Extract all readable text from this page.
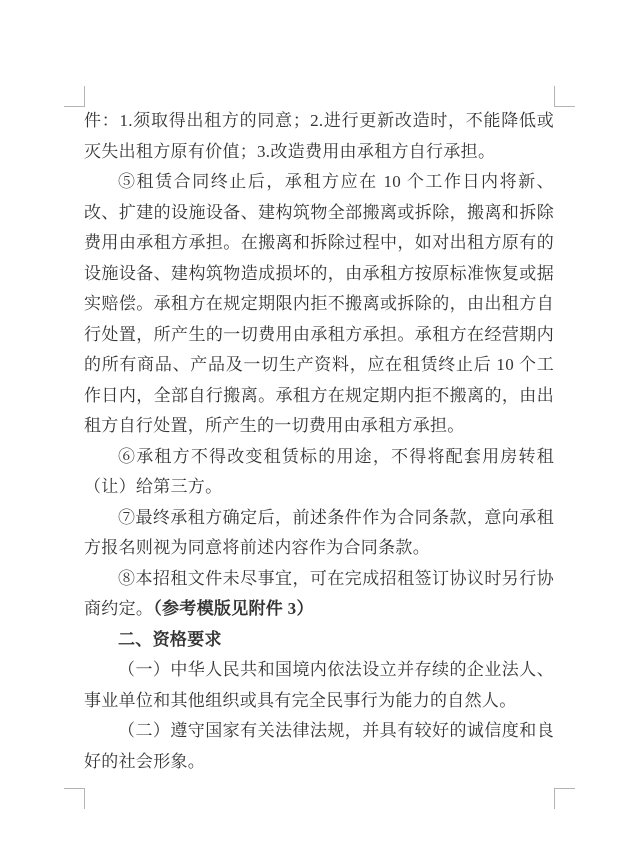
件：1.须取得出租方的同意；2.进行更新改造时，不能降低或灭失出租方原有价值；3.改造费用由承租方自行承担。

⑤租赁合同终止后，承租方应在 10 个工作日内将新、改、扩建的设施设备、建构筑物全部搬离或拆除，搬离和拆除费用由承租方承担。在搬离和拆除过程中，如对出租方原有的设施设备、建构筑物造成损坏的，由承租方按原标准恢复或据实赔偿。承租方在规定期限内拒不搬离或拆除的，由出租方自行处置，所产生的一切费用由承租方承担。承租方在经营期内的所有商品、产品及一切生产资料，应在租赁终止后 10 个工作日内，全部自行搬离。承租方在规定期内拒不搬离的，由出租方自行处置，所产生的一切费用由承租方承担。

⑥承租方不得改变租赁标的用途，不得将配套用房转租（让）给第三方。

⑦最终承租方确定后，前述条件作为合同条款，意向承租方报名则视为同意将前述内容作为合同条款。

⑧本招租文件未尽事宜，可在完成招租签订协议时另行协商约定。（参考模版见附件 3）

二、资格要求

（一）中华人民共和国境内依法设立并存续的企业法人、事业单位和其他组织或具有完全民事行为能力的自然人。

（二）遵守国家有关法律法规，并具有较好的诚信度和良好的社会形象。
